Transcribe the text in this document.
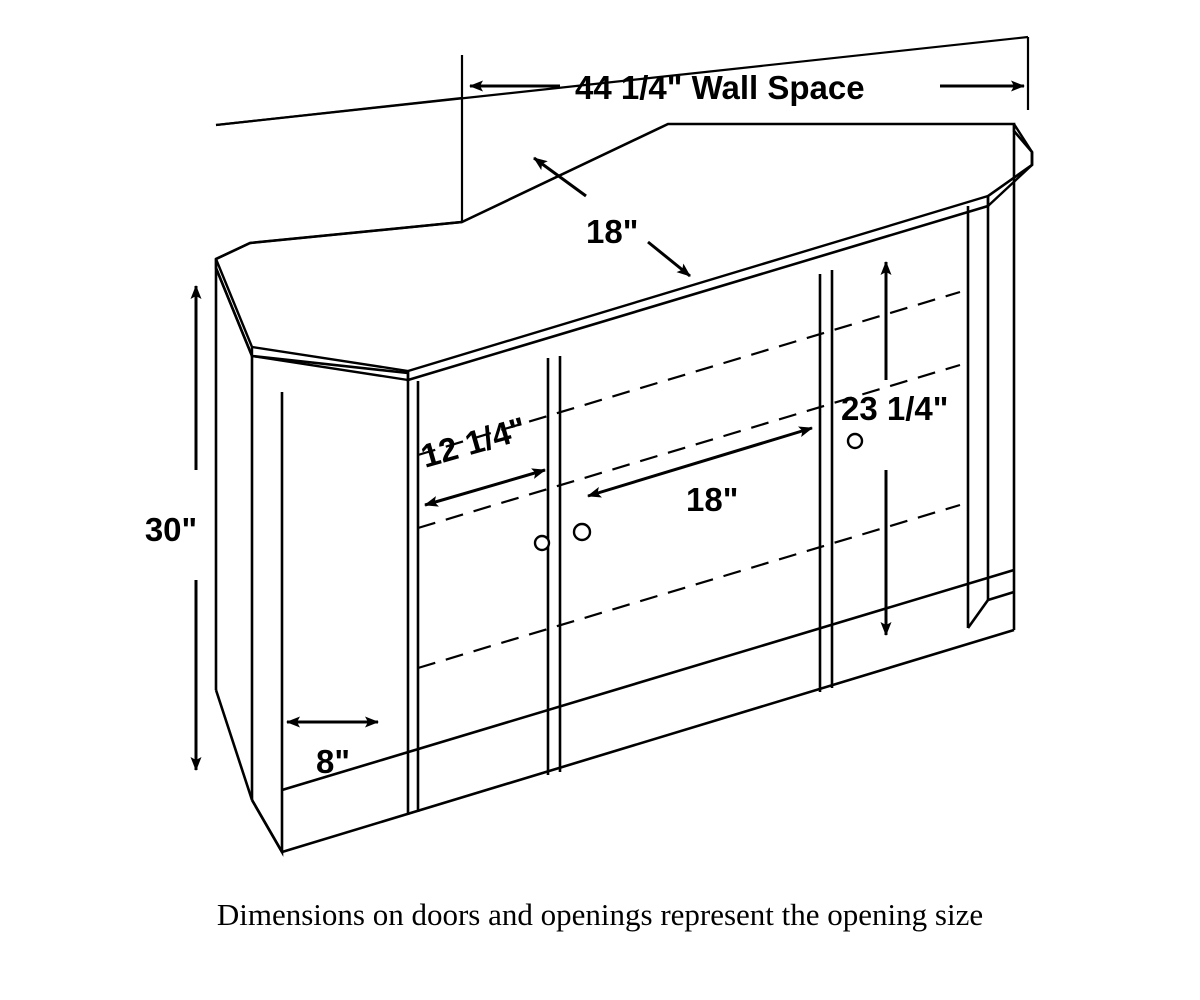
44 1/4" Wall Space
18"
30"
12 1/4"
18"
23 1/4"
8"
Dimensions on doors and openings represent the opening size
